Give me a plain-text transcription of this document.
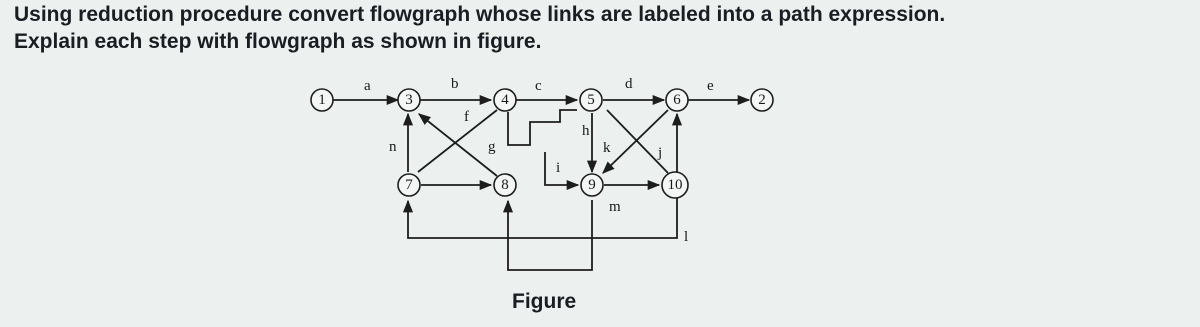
Using reduction procedure convert flowgraph whose links are labeled into a path expression.
Explain each step with flowgraph as shown in figure.
a	b	c	d	e
f
g
h
i
j
k
m
n
l
1	3	4	5	6	2
7	8	9	10
Figure
